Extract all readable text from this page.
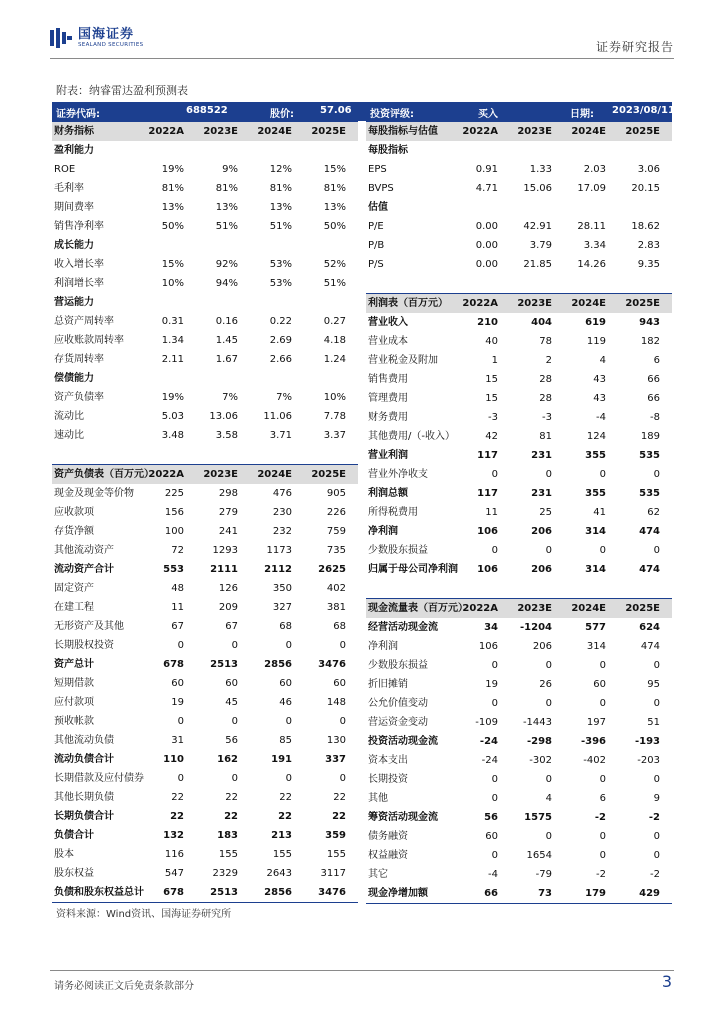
国海证券
SEALAND SECURITIES	证券研究报告
附表：纳睿雷达盈利预测表
证券代码:	688522	股价:	57.06 投资评级:	买入	日期: 2023/08/11
财务指标	2022A	2023E	2024E	2025E
盈利能力
ROE	19%	9%	12%	15%
毛利率	81%	81%	81%	81%
期间费率	13%	13%	13%	13%
销售净利率	50%	51%	51%	50%
成长能力
收入增长率	15%	92%	53%	52%
利润增长率	10%	94%	53%	51%
营运能力
总资产周转率	0.31	0.16	0.22	0.27
应收账款周转率	1.34	1.45	2.69	4.18
存货周转率	2.11	1.67	2.66	1.24
偿债能力
资产负债率	19%	7%	7%	10%
流动比	5.03	13.06	11.06	7.78
速动比	3.48	3.58	3.71	3.37
资产负债表（百万元）
2022A	2023E	2024E	2025E
现金及现金等价物	225	298	476	905
应收款项	156	279	230	226
存货净额	100	241	232	759
其他流动资产	72	1293	1173	735
流动资产合计	553	2111	2112	2625
固定资产	48	126	350	402
在建工程	11	209	327	381
无形资产及其他	67	67	68	68
长期股权投资	0	0	0	0
资产总计	678	2513	2856	3476
短期借款	60	60	60	60
应付款项	19	45	46	148
预收帐款	0	0	0	0
其他流动负债	31	56	85	130
流动负债合计	110	162	191	337
长期借款及应付债券	0	0	0	0
其他长期负债	22	22	22	22
长期负债合计	22	22	22	22
负债合计	132	183	213	359
股本	116	155	155	155
股东权益	547	2329	2643	3117
负债和股东权益总计	678	2513	2856	3476
每股指标与估值	2022A	2023E	2024E	2025E
每股指标
EPS	0.91	1.33	2.03	3.06
BVPS	4.71	15.06	17.09	20.15
估值
P/E	0.00	42.91	28.11	18.62
P/B	0.00	3.79	3.34	2.83
P/S	0.00	21.85	14.26	9.35
利润表（百万元）	2022A	2023E	2024E	2025E
营业收入	210	404	619	943
营业成本	40	78	119	182
营业税金及附加	1	2	4	6
销售费用	15	28	43	66
管理费用	15	28	43	66
财务费用	-3	-3	-4	-8
其他费用/（-收入）	42	81	124	189
营业利润	117	231	355	535
营业外净收支	0	0	0	0
利润总额	117	231	355	535
所得税费用	11	25	41	62
净利润	106	206	314	474
少数股东损益	0	0	0	0
归属于母公司净利润	106	206	314	474
现金流量表（百万元）
2022A	2023E	2024E	2025E
经营活动现金流	34	-1204	577	624
净利润	106	206	314	474
少数股东损益	0	0	0	0
折旧摊销	19	26	60	95
公允价值变动	0	0	0	0
营运资金变动	-109	-1443	197	51
投资活动现金流	-24	-298	-396	-193
资本支出	-24	-302	-402	-203
长期投资	0	0	0	0
其他	0	4	6	9
筹资活动现金流	56	1575	-2	-2
债务融资	60	0	0	0
权益融资	0	1654	0	0
其它	-4	-79	-2	-2
现金净增加额	66	73	179	429
资料来源：Wind资讯、国海证券研究所
请务必阅读正文后免责条款部分	3
